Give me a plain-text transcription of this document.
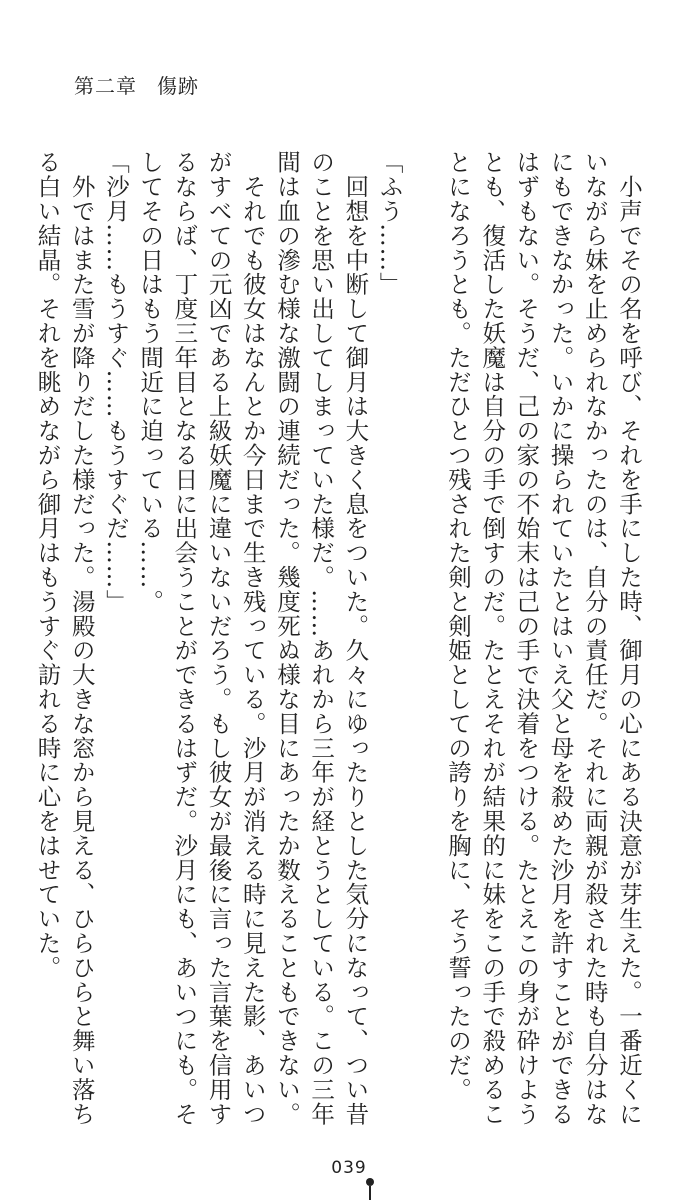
第二章 傷跡
　小声でその名を呼び、それを手にした時、御月の心にある決意が芽生えた。一番近くに
いながら妹を止められなかったのは、自分の責任だ。それに両親が殺された時も自分はな
にもできなかった。いかに操られていたとはいえ父と母を殺めた沙月を許すことができる
はずもない。そうだ、己の家の不始末は己の手で決着をつける。たとえこの身が砕けよう
とも、復活した妖魔は自分の手で倒すのだ。たとえそれが結果的に妹をこの手で殺めるこ
とになろうとも。ただひとつ残された剣と剣姫としての誇りを胸に、そう誓ったのだ。

「ふう……」
　回想を中断して御月は大きく息をついた。久々にゆったりとした気分になって、つい昔
のことを思い出してしまっていた様だ。……あれから三年が経とうとしている。この三年
間は血の滲む様な激闘の連続だった。幾度死ぬ様な目にあったか数えることもできない。
　それでも彼女はなんとか今日まで生き残っている。沙月が消える時に見えた影、あいつ
がすべての元凶である上級妖魔に違いないだろう。もし彼女が最後に言った言葉を信用す
るならば、丁度三年目となる日に出会うことができるはずだ。沙月にも、あいつにも。そ
してその日はもう間近に迫っている……。
「沙月……もうすぐ……もうすぐだ……」
　外ではまた雪が降りだした様だった。湯殿の大きな窓から見える、ひらひらと舞い落ち
る白い結晶。それを眺めながら御月はもうすぐ訪れる時に心をはせていた。
039
